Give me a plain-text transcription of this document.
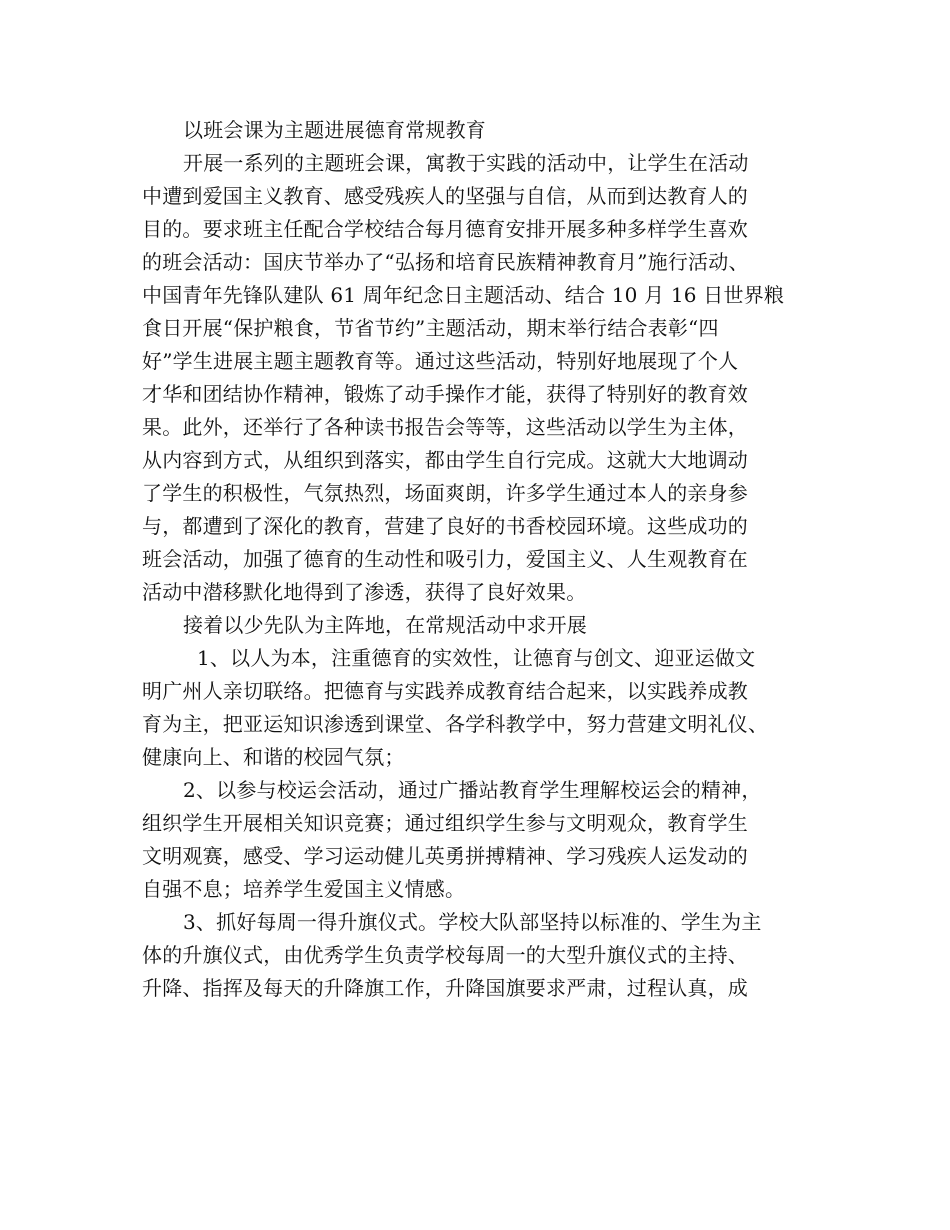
以班会课为主题进展德育常规教育
开展一系列的主题班会课，寓教于实践的活动中，让学生在活动
中遭到爱国主义教育、感受残疾人的坚强与自信，从而到达教育人的
目的。要求班主任配合学校结合每月德育安排开展多种多样学生喜欢
的班会活动：国庆节举办了“弘扬和培育民族精神教育月”施行活动、
中国青年先锋队建队 61 周年纪念日主题活动、结合 10 月 16 日世界粮
食日开展“保护粮食，节省节约”主题活动，期末举行结合表彰“四
好”学生进展主题主题教育等。通过这些活动，特别好地展现了个人
才华和团结协作精神，锻炼了动手操作才能，获得了特别好的教育效
果。此外，还举行了各种读书报告会等等，这些活动以学生为主体，
从内容到方式，从组织到落实，都由学生自行完成。这就大大地调动
了学生的积极性，气氛热烈，场面爽朗，许多学生通过本人的亲身参
与，都遭到了深化的教育，营建了良好的书香校园环境。这些成功的
班会活动，加强了德育的生动性和吸引力，爱国主义、人生观教育在
活动中潜移默化地得到了渗透，获得了良好效果。
接着以少先队为主阵地，在常规活动中求开展
1、以人为本，注重德育的实效性，让德育与创文、迎亚运做文
明广州人亲切联络。把德育与实践养成教育结合起来，以实践养成教
育为主，把亚运知识渗透到课堂、各学科教学中，努力营建文明礼仪、
健康向上、和谐的校园气氛；
2、以参与校运会活动，通过广播站教育学生理解校运会的精神，
组织学生开展相关知识竞赛；通过组织学生参与文明观众，教育学生
文明观赛，感受、学习运动健儿英勇拼搏精神、学习残疾人运发动的
自强不息；培养学生爱国主义情感。
3、抓好每周一得升旗仪式。学校大队部坚持以标准的、学生为主
体的升旗仪式，由优秀学生负责学校每周一的大型升旗仪式的主持、
升降、指挥及每天的升降旗工作，升降国旗要求严肃，过程认真，成
